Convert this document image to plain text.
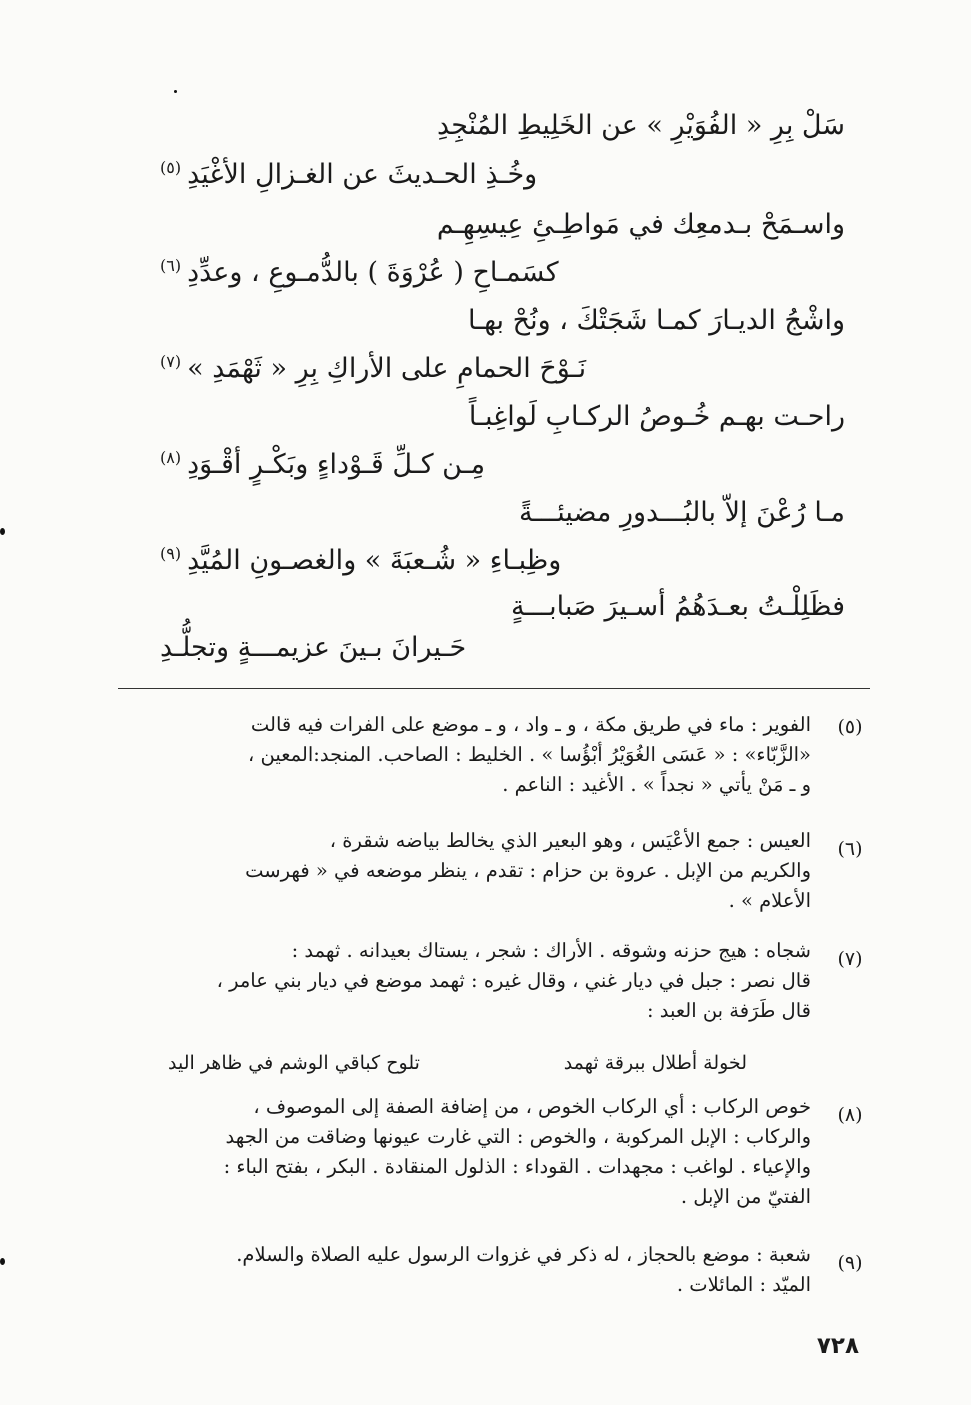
سَلْ بِرِ « الفُوَيْرِ » عن الخَلِيطِ المُنْجِدِ
وخُـذِ الحـديثَ عن الغـزالِ الأغْيَدِ$^{(٥)}$
واسـمَحْ بـدمعِك في مَواطِـئِ عِيسِهِـم
كسَمـاحِ ( عُرْوَةَ ) بالدُّمـوعِ ، وعدِّدِ$^{(٦)}$
واشْجُ الديـارَ كمـا شَجَتْكَ ، ونُحْ بهـا
نَـوْحَ الحمامِ على الأراكِ بِرِ « ثَهْمَدِ »$^{(٧)}$
راحـت بهـم خُـوصُ الركـابِ لَواغِبـاً
مِـن كـلِّ قَـوْداءٍ وبَكْـرٍ أقْـوَدِ$^{(٨)}$
مـا رُعْنَ إلاّ بالبُـــدورِ مضيئـــةً
وظِبـاءِ « شُـعبَةَ » والغصـونِ المُيَّدِ$^{(٩)}$
فظَلِلْـتُ بعـدَهُمُ أسـيرَ صَبابـــةٍ
حَـيرانَ بـينَ عزيمـــةٍ وتجلُّـدِ
(٥)
الفوير : ماء في طريق مكة ، و ـ واد ، و ـ موضع على الفرات فيه قالت
«الزَّبّاء» : « عَسَى الغُوَيْرُ أبْؤُسا » . الخليط : الصاحب. المنجد:المعين ،
و ـ مَنْ يأتي « نجداً » . الأغيد : الناعم .
(٦)
العيس : جمع الأعْيَس ، وهو البعير الذي يخالط بياضه شقرة ،
والكريم من الإبل . عروة بن حزام : تقدم ، ينظر موضعه في « فهرست
الأعلام » .
(٧)
شجاه : هيج حزنه وشوقه . الأراك : شجر ، يستاك بعيدانه . ثهمد :
قال نصر : جبل في ديار غني ، وقال غيره : ثهمد موضع في ديار بني عامر ،
قال طَرَفة بن العبد :
لخولة أطلال ببرقة ثهمد
تلوح كباقي الوشم في ظاهر اليد
(٨)
خوص الركاب : أي الركاب الخوص ، من إضافة الصفة إلى الموصوف ،
والركاب : الإبل المركوبة ، والخوص : التي غارت عيونها وضاقت من الجهد
والإعياء . لواغب : مجهدات . القوداء : الذلول المنقادة . البكر ، بفتح الباء :
الفتيّ من الإبل .
(٩)
شعبة : موضع بالحجاز ، له ذكر في غزوات الرسول عليه الصلاة والسلام.
الميّد : المائلات .
٧٢٨
